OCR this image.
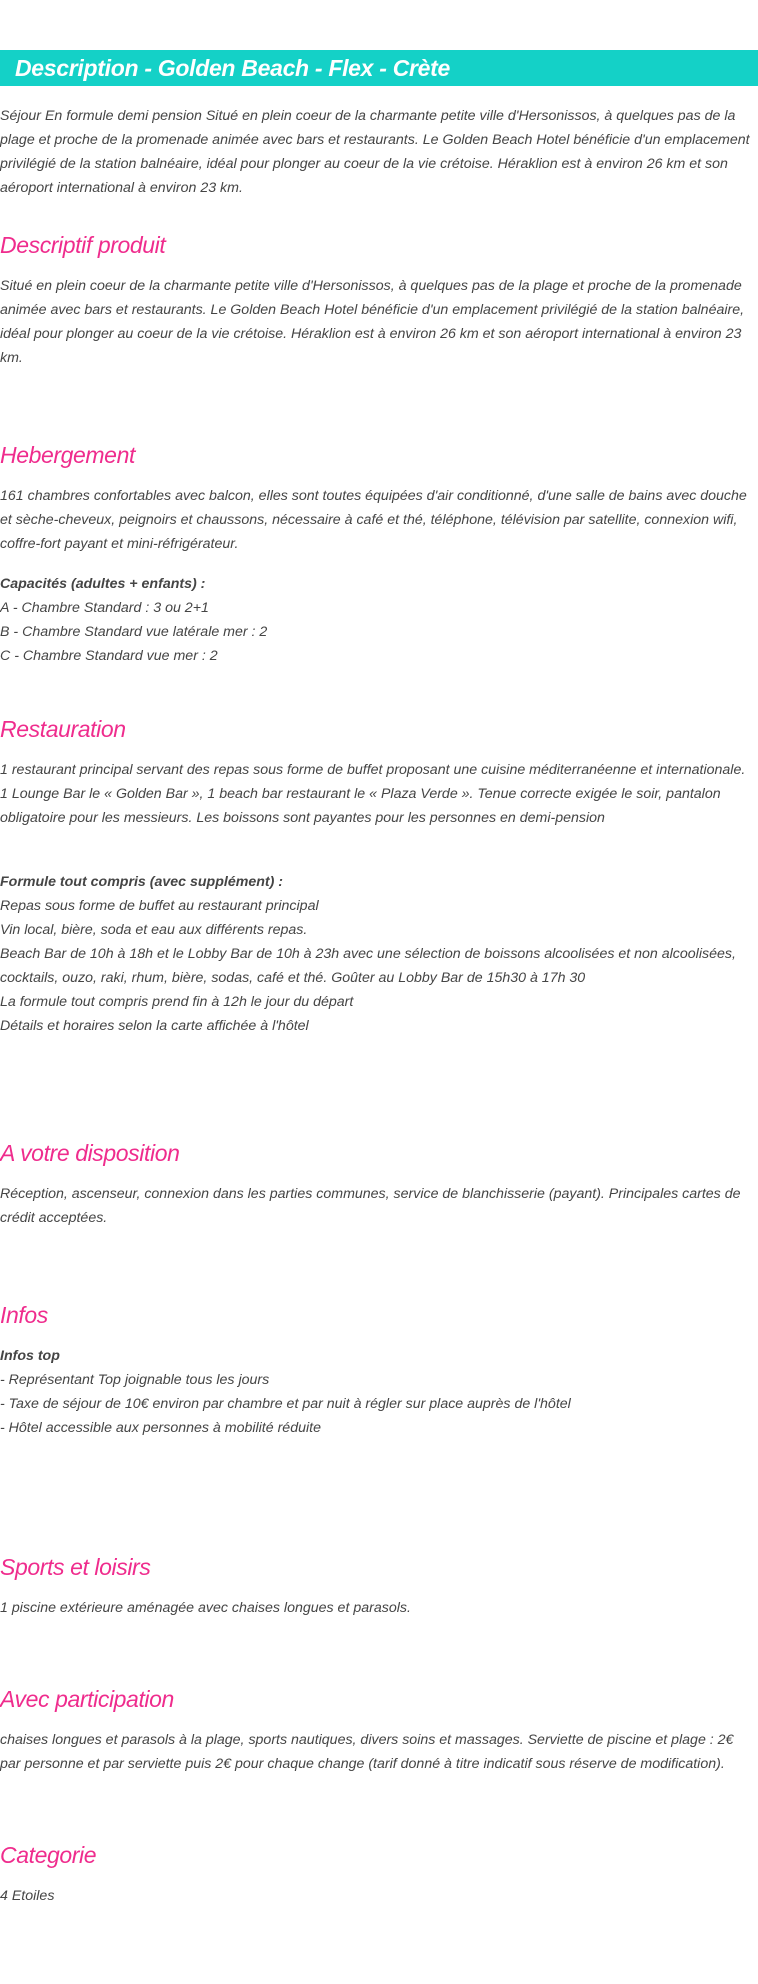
Description - Golden Beach - Flex - Crète

Séjour En formule demi pension Situé en plein coeur de la charmante petite ville d'Hersonissos, à quelques pas de la plage et proche de la promenade animée avec bars et restaurants. Le Golden Beach Hotel bénéficie d'un emplacement privilégié de la station balnéaire, idéal pour plonger au coeur de la vie crétoise. Héraklion est à environ 26 km et son aéroport international à environ 23 km.

Descriptif produit

Situé en plein coeur de la charmante petite ville d'Hersonissos, à quelques pas de la plage et proche de la promenade animée avec bars et restaurants. Le Golden Beach Hotel bénéficie d'un emplacement privilégié de la station balnéaire, idéal pour plonger au coeur de la vie crétoise. Héraklion est à environ 26 km et son aéroport international à environ 23 km.

Hebergement

161 chambres confortables avec balcon, elles sont toutes équipées d'air conditionné, d'une salle de bains avec douche et sèche-cheveux, peignoirs et chaussons, nécessaire à café et thé, téléphone, télévision par satellite, connexion wifi, coffre-fort payant et mini-réfrigérateur.

Capacités (adultes + enfants) :
A - Chambre Standard : 3 ou 2+1
B - Chambre Standard vue latérale mer : 2
C - Chambre Standard vue mer : 2

Restauration

1 restaurant principal servant des repas sous forme de buffet proposant une cuisine méditerranéenne et internationale. 1 Lounge Bar le « Golden Bar », 1 beach bar restaurant le « Plaza Verde ». Tenue correcte exigée le soir, pantalon obligatoire pour les messieurs. Les boissons sont payantes pour les personnes en demi-pension

Formule tout compris (avec supplément) :
Repas sous forme de buffet au restaurant principal
Vin local, bière, soda et eau aux différents repas.
Beach Bar de 10h à 18h et le Lobby Bar de 10h à 23h avec une sélection de boissons alcoolisées et non alcoolisées, cocktails, ouzo, raki, rhum, bière, sodas, café et thé. Goûter au Lobby Bar de 15h30 à 17h 30
La formule tout compris prend fin à 12h le jour du départ
Détails et horaires selon la carte affichée à l'hôtel

A votre disposition

Réception, ascenseur, connexion dans les parties communes, service de blanchisserie (payant). Principales cartes de crédit acceptées.

Infos

Infos top
- Représentant Top joignable tous les jours
- Taxe de séjour de 10€ environ par chambre et par nuit à régler sur place auprès de l'hôtel
- Hôtel accessible aux personnes à mobilité réduite

Sports et loisirs

1 piscine extérieure aménagée avec chaises longues et parasols.

Avec participation

chaises longues et parasols à la plage, sports nautiques, divers soins et massages. Serviette de piscine et plage : 2€ par personne et par serviette puis 2€ pour chaque change (tarif donné à titre indicatif sous réserve de modification).

Categorie

4 Etoiles
